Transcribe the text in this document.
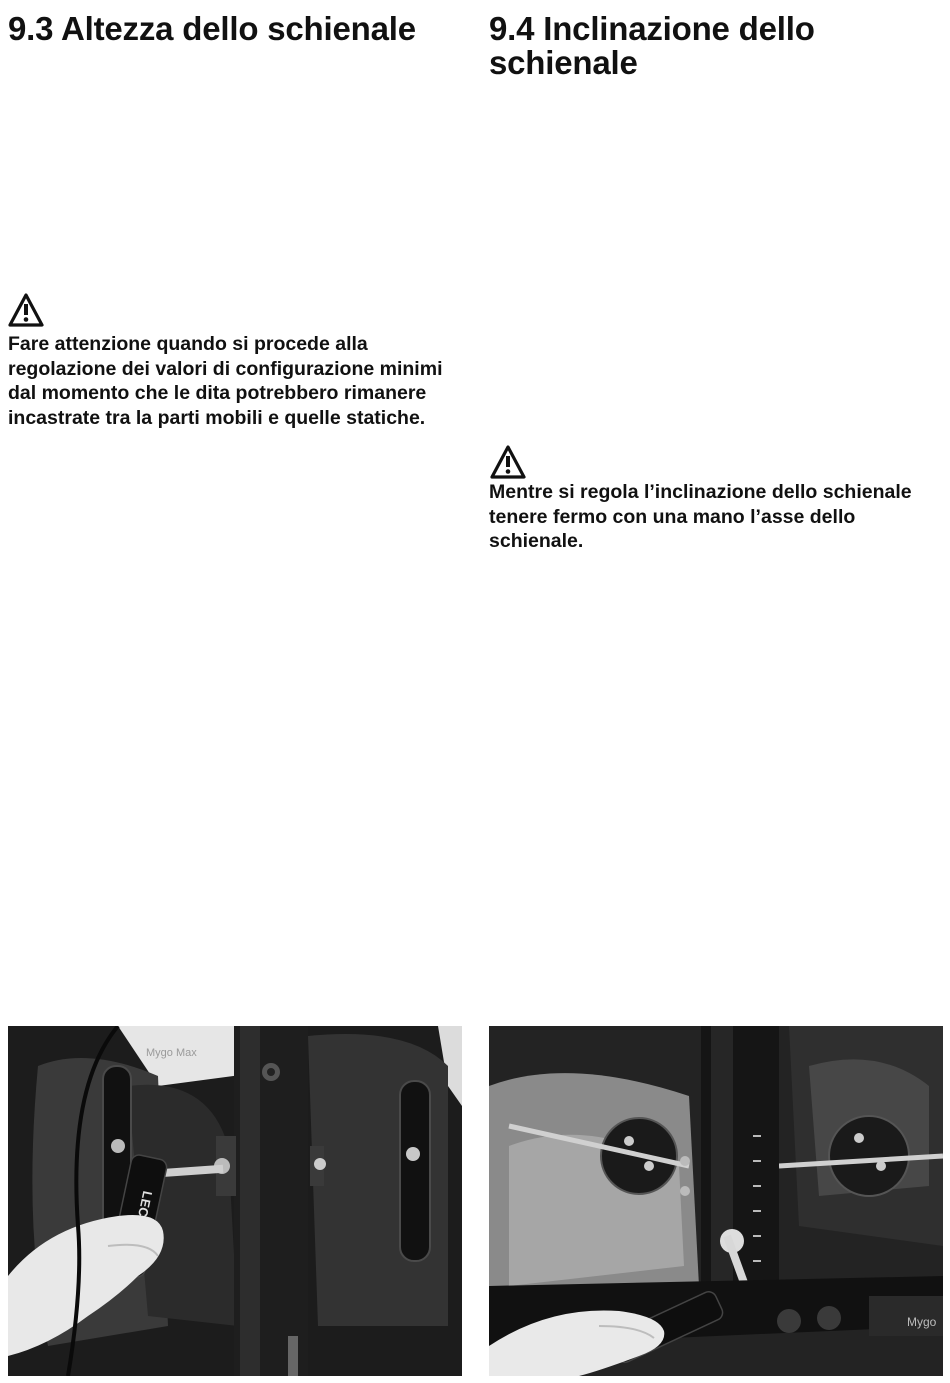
9.3 Altezza dello schienale

Fare attenzione quando si procede alla regolazione dei valori di configurazione minimi dal momento che le dita potrebbero rimanere incastrate tra la parti mobili e quelle statiche.

Mygo Max
9.4 Inclinazione dello schienale

Mentre si regola l’inclinazione dello schienale tenere fermo con una mano l’asse dello schienale.

Mygo
